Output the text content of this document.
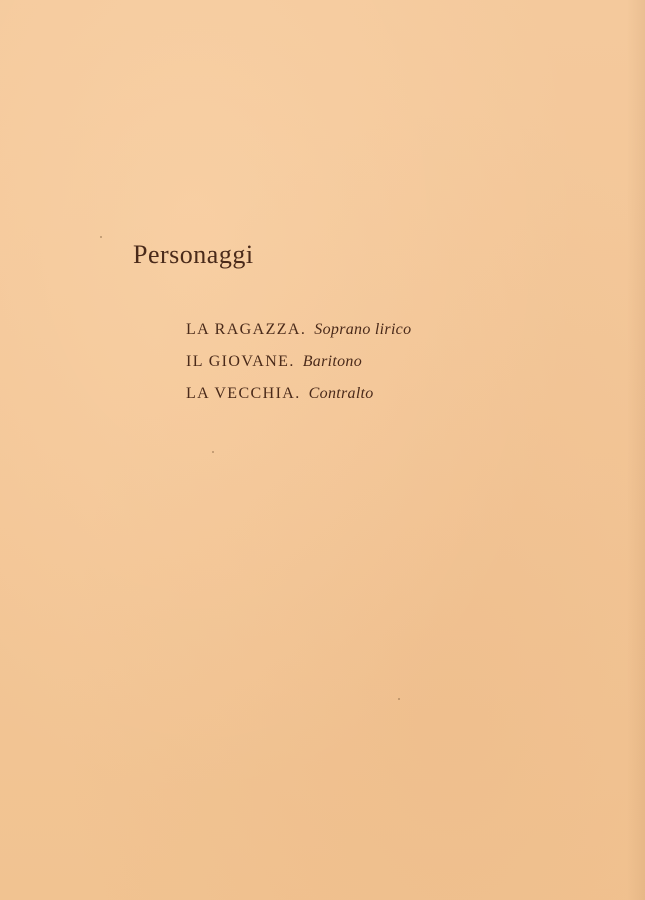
Personaggi
LA RAGAZZA. Soprano lirico
IL GIOVANE. Baritono
LA VECCHIA. Contralto
